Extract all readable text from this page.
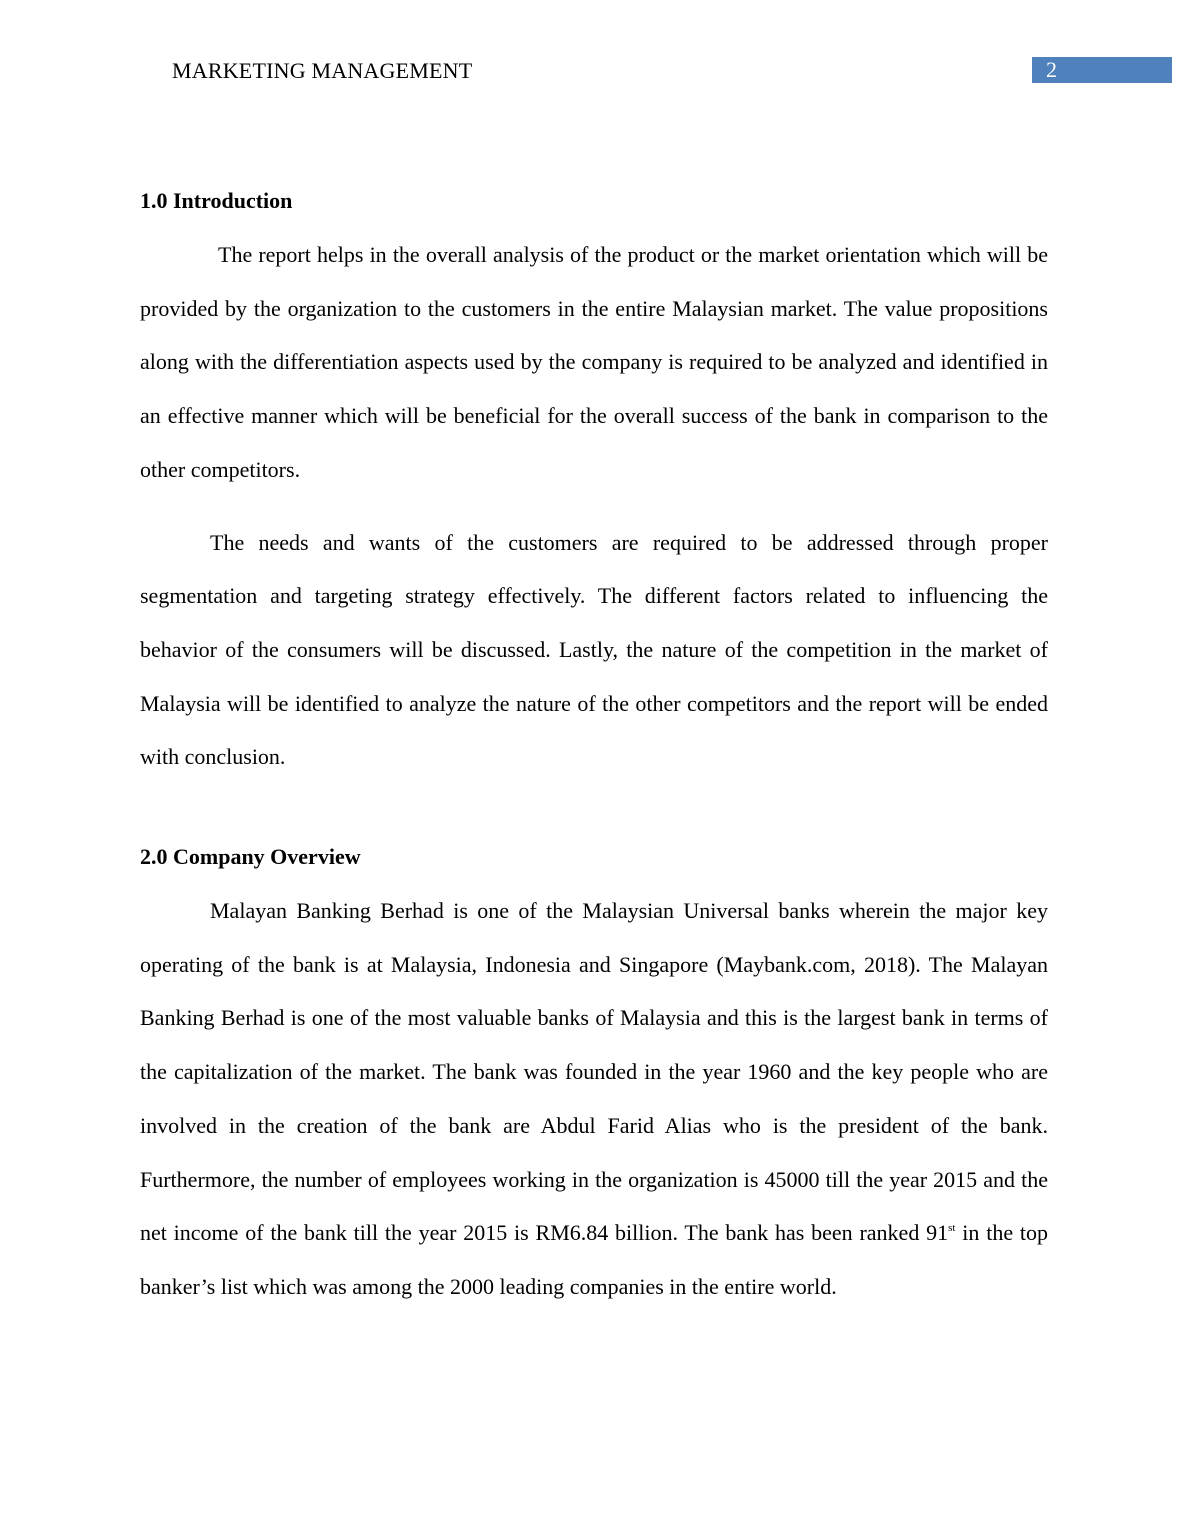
MARKETING MANAGEMENT	2
1.0 Introduction

The report helps in the overall analysis of the product or the market orientation which will be provided by the organization to the customers in the entire Malaysian market. The value propositions along with the differentiation aspects used by the company is required to be analyzed and identified in an effective manner which will be beneficial for the overall success of the bank in comparison to the other competitors.

The needs and wants of the customers are required to be addressed through proper segmentation and targeting strategy effectively. The different factors related to influencing the behavior of the consumers will be discussed. Lastly, the nature of the competition in the market of Malaysia will be identified to analyze the nature of the other competitors and the report will be ended with conclusion.

2.0 Company Overview

Malayan Banking Berhad is one of the Malaysian Universal banks wherein the major key operating of the bank is at Malaysia, Indonesia and Singapore (Maybank.com, 2018). The Malayan Banking Berhad is one of the most valuable banks of Malaysia and this is the largest bank in terms of the capitalization of the market. The bank was founded in the year 1960 and the key people who are involved in the creation of the bank are Abdul Farid Alias who is the president of the bank. Furthermore, the number of employees working in the organization is 45000 till the year 2015 and the net income of the bank till the year 2015 is RM6.84 billion. The bank has been ranked 91st in the top banker’s list which was among the 2000 leading companies in the entire world.
